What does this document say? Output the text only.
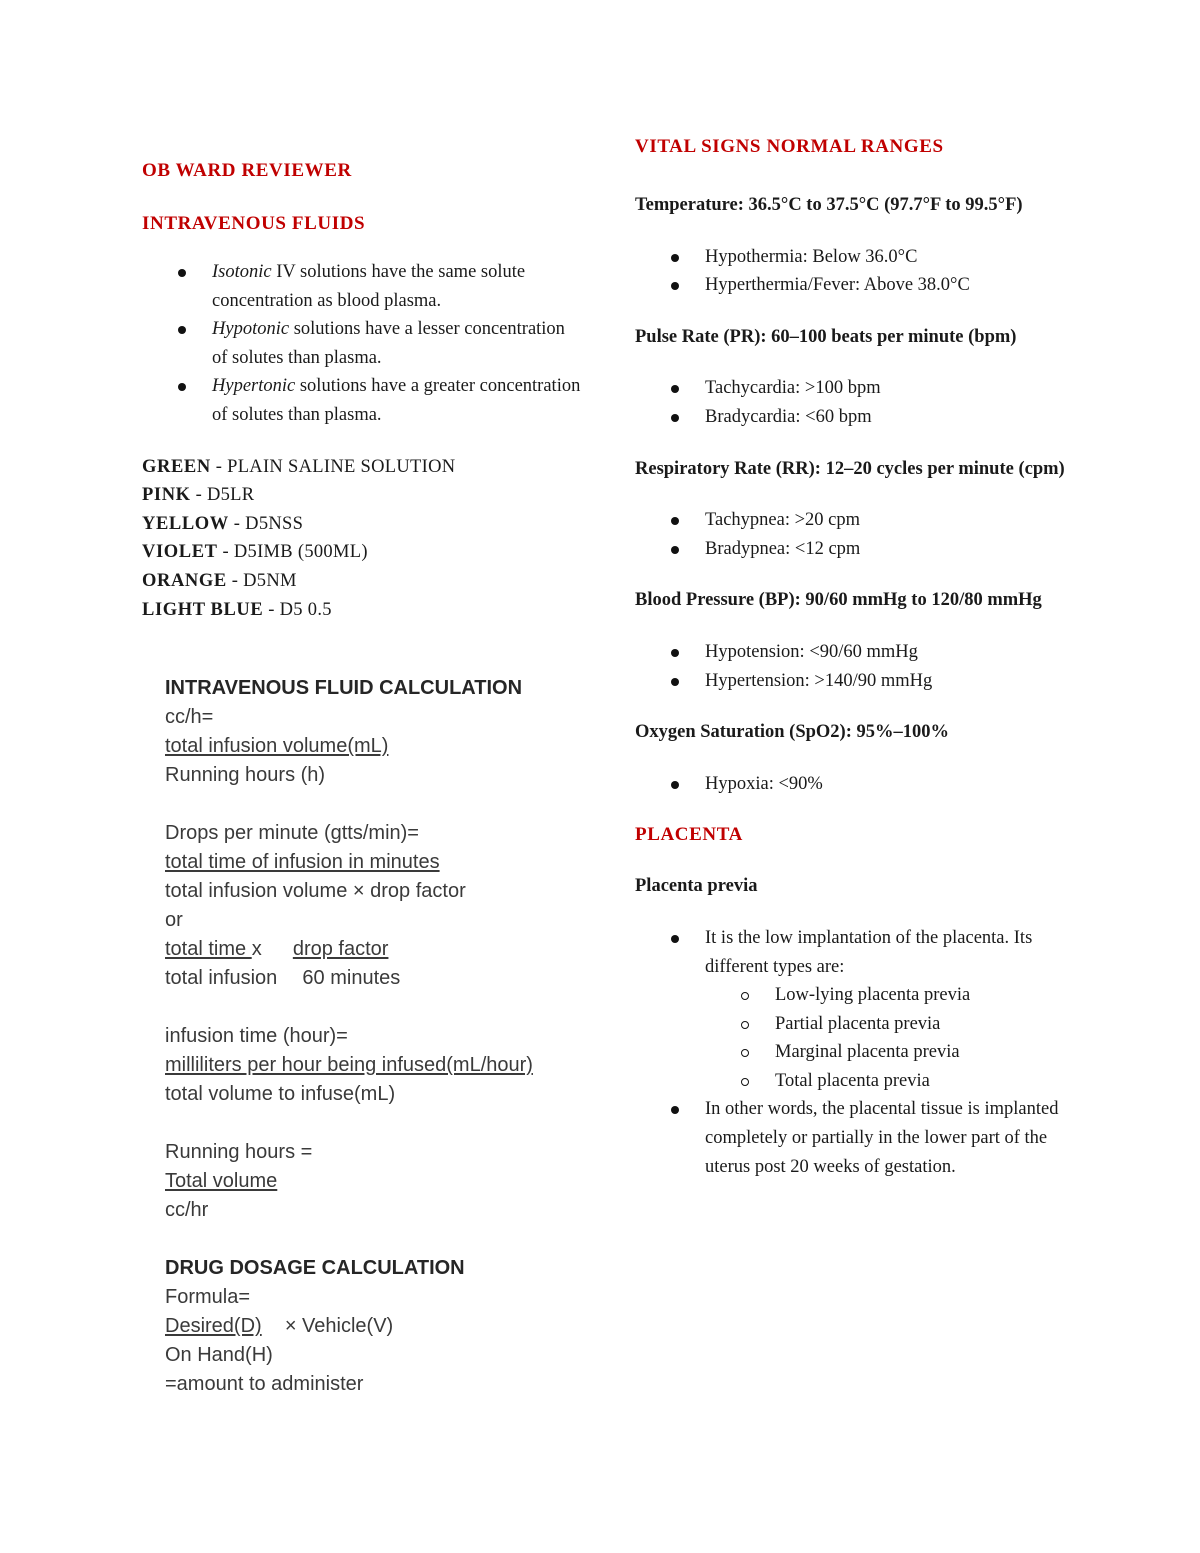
OB WARD REVIEWER
INTRAVENOUS FLUIDS
Isotonic IV solutions have the same solute concentration as blood plasma.
Hypotonic solutions have a lesser concentration of solutes than plasma.
Hypertonic solutions have a greater concentration of solutes than plasma.
GREEN - PLAIN SALINE SOLUTION
PINK - D5LR
YELLOW - D5NSS
VIOLET - D5IMB (500ML)
ORANGE - D5NM
LIGHT BLUE - D5 0.5
INTRAVENOUS FLUID CALCULATION
cc/h=
total infusion volume(mL)
Running hours (h)
Drops per minute (gtts/min)=
total time of infusion in minutes
total infusion volume × drop factor
or
total time x drop factor
total infusion 60 minutes
infusion time (hour)=
milliliters per hour being infused(mL/hour)
total volume to infuse(mL)
Running hours =
Total volume
cc/hr
DRUG DOSAGE CALCULATION
Formula=
Desired(D) × Vehicle(V)
On Hand(H)
=amount to administer
VITAL SIGNS NORMAL RANGES

Temperature: 36.5°C to 37.5°C (97.7°F to 99.5°F)

Hypothermia: Below 36.0°C
Hyperthermia/Fever: Above 38.0°C

Pulse Rate (PR): 60–100 beats per minute (bpm)

Tachycardia: >100 bpm
Bradycardia: <60 bpm

Respiratory Rate (RR): 12–20 cycles per minute (cpm)

Tachypnea: >20 cpm
Bradypnea: <12 cpm

Blood Pressure (BP): 90/60 mmHg to 120/80 mmHg

Hypotension: <90/60 mmHg
Hypertension: >140/90 mmHg

Oxygen Saturation (SpO2): 95%–100%

Hypoxia: <90%
PLACENTA

Placenta previa

It is the low implantation of the placenta. Its different types are:
Low-lying placenta previa
Partial placenta previa
Marginal placenta previa
Total placenta previa
In other words, the placental tissue is implanted completely or partially in the lower part of the uterus post 20 weeks of gestation.
